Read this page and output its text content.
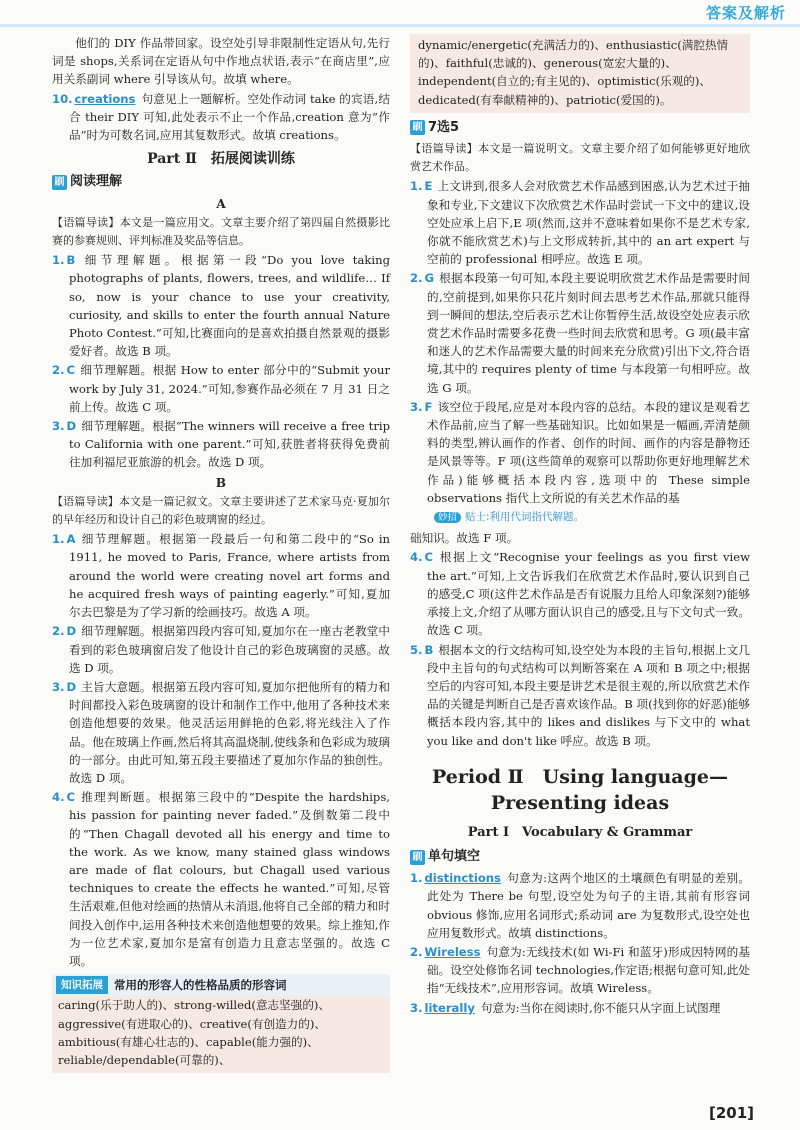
答案及解析

他们的 DIY 作品带回家。设空处引导非限制性定语从句,先行词是 shops,关系词在定语从句中作地点状语,表示“在商店里”,应用关系副词 where 引导该从句。故填 where。

10. creations 句意见上一题解析。空处作动词 take 的宾语,结合 their DIY 可知,此处表示不止一个作品,creation 意为“作品”时为可数名词,应用其复数形式。故填 creations。

Part Ⅱ　拓展阅读训练
刷 阅读理解
A

【语篇导读】本文是一篇应用文。文章主要介绍了第四届自然摄影比赛的参赛规则、评判标准及奖品等信息。

1. B 细节理解题。根据第一段“Do you love taking photographs of plants, flowers, trees, and wildlife… If so, now is your chance to use your creativity, curiosity, and skills to enter the fourth annual Nature Photo Contest.”可知,比赛面向的是喜欢拍摄自然景观的摄影爱好者。故选 B 项。

2. C 细节理解题。根据 How to enter 部分中的“Submit your work by July 31, 2024.”可知,参赛作品必须在 7 月 31 日之前上传。故选 C 项。

3. D 细节理解题。根据“The winners will receive a free trip to California with one parent.”可知,获胜者将获得免费前往加利福尼亚旅游的机会。故选 D 项。

B

【语篇导读】本文是一篇记叙文。文章主要讲述了艺术家马克·夏加尔的早年经历和设计自己的彩色玻璃窗的经过。

1. A 细节理解题。根据第一段最后一句和第二段中的“So in 1911, he moved to Paris, France, where artists from around the world were creating novel art forms and he acquired fresh ways of painting eagerly.”可知,夏加尔去巴黎是为了学习新的绘画技巧。故选 A 项。

2. D 细节理解题。根据第四段内容可知,夏加尔在一座古老教堂中看到的彩色玻璃窗启发了他设计自己的彩色玻璃窗的灵感。故选 D 项。

3. D 主旨大意题。根据第五段内容可知,夏加尔把他所有的精力和时间都投入彩色玻璃窗的设计和制作工作中,他用了各种技术来创造他想要的效果。他灵活运用鲜艳的色彩,将光线注入了作品。他在玻璃上作画,然后将其高温烧制,使线条和色彩成为玻璃的一部分。由此可知,第五段主要描述了夏加尔作品的独创性。故选 D 项。

4. C 推理判断题。根据第三段中的“Despite the hardships, his passion for painting never faded.”及倒数第二段中的“Then Chagall devoted all his energy and time to the work. As we know, many stained glass windows are made of flat colours, but Chagall used various techniques to create the effects he wanted.”可知,尽管生活艰难,但他对绘画的热情从未消退,他将自己全部的精力和时间投入创作中,运用各种技术来创造他想要的效果。综上推知,作为一位艺术家,夏加尔是富有创造力且意志坚强的。故选 C 项。

知识拓展 常用的形容人的性格品质的形容词
caring(乐于助人的)、strong-willed(意志坚强的)、aggressive(有进取心的)、creative(有创造力的)、ambitious(有雄心壮志的)、capable(能力强的)、reliable/dependable(可靠的)、
dynamic/energetic(充满活力的)、enthusiastic(满腔热情的)、faithful(忠诚的)、generous(宽宏大量的)、independent(自立的;有主见的)、optimistic(乐观的)、dedicated(有奉献精神的)、patriotic(爱国的)。
刷 7选5

【语篇导读】本文是一篇说明文。文章主要介绍了如何能够更好地欣赏艺术作品。

1. E 上文讲到,很多人会对欣赏艺术作品感到困惑,认为艺术过于抽象和专业,下文建议下次欣赏艺术作品时尝试一下文中的建议,设空处应承上启下,E 项(然而,这并不意味着如果你不是艺术专家,你就不能欣赏艺术)与上文形成转折,其中的 an art expert 与空前的 professional 相呼应。故选 E 项。

2. G 根据本段第一句可知,本段主要说明欣赏艺术作品是需要时间的,空前提到,如果你只花片刻时间去思考艺术作品,那就只能得到一瞬间的想法,空后表示艺术让你暂停生活,故设空处应表示欣赏艺术作品时需要多花费一些时间去欣赏和思考。G 项(最丰富和迷人的艺术作品需要大量的时间来充分欣赏)引出下文,符合语境,其中的 requires plenty of time 与本段第一句相呼应。故选 G 项。

3. F 该空位于段尾,应是对本段内容的总结。本段的建议是观看艺术作品前,应当了解一些基础知识。比如如果是一幅画,弄清楚颜料的类型,辨认画作的作者、创作的时间、画作的内容是静物还是风景等等。F 项(这些简单的观察可以帮助你更好地理解艺术作品)能够概括本段内容,选项中的 These simple observations 指代上文所说的有关艺术作品的基

妙招 贴士:利用代词指代解题。

础知识。故选 F 项。

4. C 根据上文“Recognise your feelings as you first view the art.”可知,上文告诉我们在欣赏艺术作品时,要认识到自己的感受,C 项(这件艺术作品是否有说服力且给人印象深刻?)能够承接上文,介绍了从哪方面认识自己的感受,且与下文句式一致。故选 C 项。

5. B 根据本文的行文结构可知,设空处为本段的主旨句,根据上文几段中主旨句的句式结构可以判断答案在 A 项和 B 项之中;根据空后的内容可知,本段主要是讲艺术是很主观的,所以欣赏艺术作品的关键是判断自己是否喜欢该作品。B 项(找到你的好恶)能够概括本段内容,其中的 likes and dislikes 与下文中的 what you like and don't like 呼应。故选 B 项。

Period Ⅱ　Using language—
Presenting ideas
Part Ⅰ　Vocabulary & Grammar
刷 单句填空

1. distinctions 句意为:这两个地区的土壤颜色有明显的差别。此处为 There be 句型,设空处为句子的主语,其前有形容词 obvious 修饰,应用名词形式;系动词 are 为复数形式,设空处也应用复数形式。故填 distinctions。

2. Wireless 句意为:无线技术(如 Wi-Fi 和蓝牙)形成因特网的基础。设空处修饰名词 technologies,作定语;根据句意可知,此处指“无线技术”,应用形容词。故填 Wireless。

3. literally 句意为:当你在阅读时,你不能只从字面上试图理

[201]
